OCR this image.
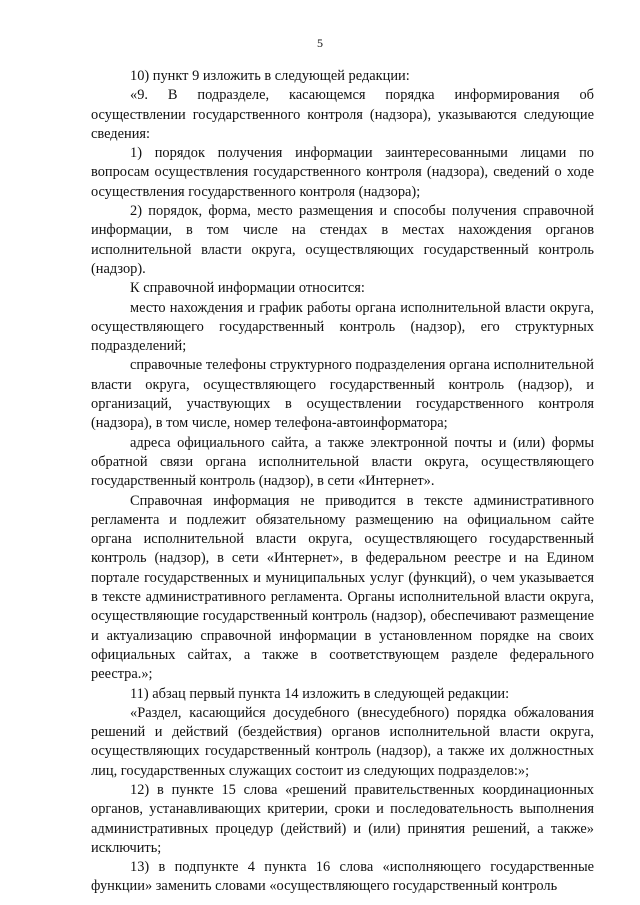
5

10) пункт 9 изложить в следующей редакции:

«9. В подразделе, касающемся порядка информирования об осуществлении государственного контроля (надзора), указываются следующие сведения:

1) порядок получения информации заинтересованными лицами по вопросам осуществления государственного контроля (надзора), сведений о ходе осуществления государственного контроля (надзора);

2) порядок, форма, место размещения и способы получения справочной информации, в том числе на стендах в местах нахождения органов исполнительной власти округа, осуществляющих государственный контроль (надзор).

К справочной информации относится:

место нахождения и график работы органа исполнительной власти округа, осуществляющего государственный контроль (надзор), его структурных подразделений;

справочные телефоны структурного подразделения органа исполнительной власти округа, осуществляющего государственный контроль (надзор), и организаций, участвующих в осуществлении государственного контроля (надзора), в том числе, номер телефона-автоинформатора;

адреса официального сайта, а также электронной почты и (или) формы обратной связи органа исполнительной власти округа, осуществляющего государственный контроль (надзор), в сети «Интернет».

Справочная информация не приводится в тексте административного регламента и подлежит обязательному размещению на официальном сайте органа исполнительной власти округа, осуществляющего государственный контроль (надзор), в сети «Интернет», в федеральном реестре и на Едином портале государственных и муниципальных услуг (функций), о чем указывается в тексте административного регламента. Органы исполнительной власти округа, осуществляющие государственный контроль (надзор), обеспечивают размещение и актуализацию справочной информации в установленном порядке на своих официальных сайтах, а также в соответствующем разделе федерального реестра.»;

11) абзац первый пункта 14 изложить в следующей редакции:

«Раздел, касающийся досудебного (внесудебного) порядка обжалования решений и действий (бездействия) органов исполнительной власти округа, осуществляющих государственный контроль (надзор), а также их должностных лиц, государственных служащих состоит из следующих подразделов:»;

12) в пункте 15 слова «решений правительственных координационных органов, устанавливающих критерии, сроки и последовательность выполнения административных процедур (действий) и (или) принятия решений, а также» исключить;

13) в подпункте 4 пункта 16 слова «исполняющего государственные функции» заменить словами «осуществляющего государственный контроль
